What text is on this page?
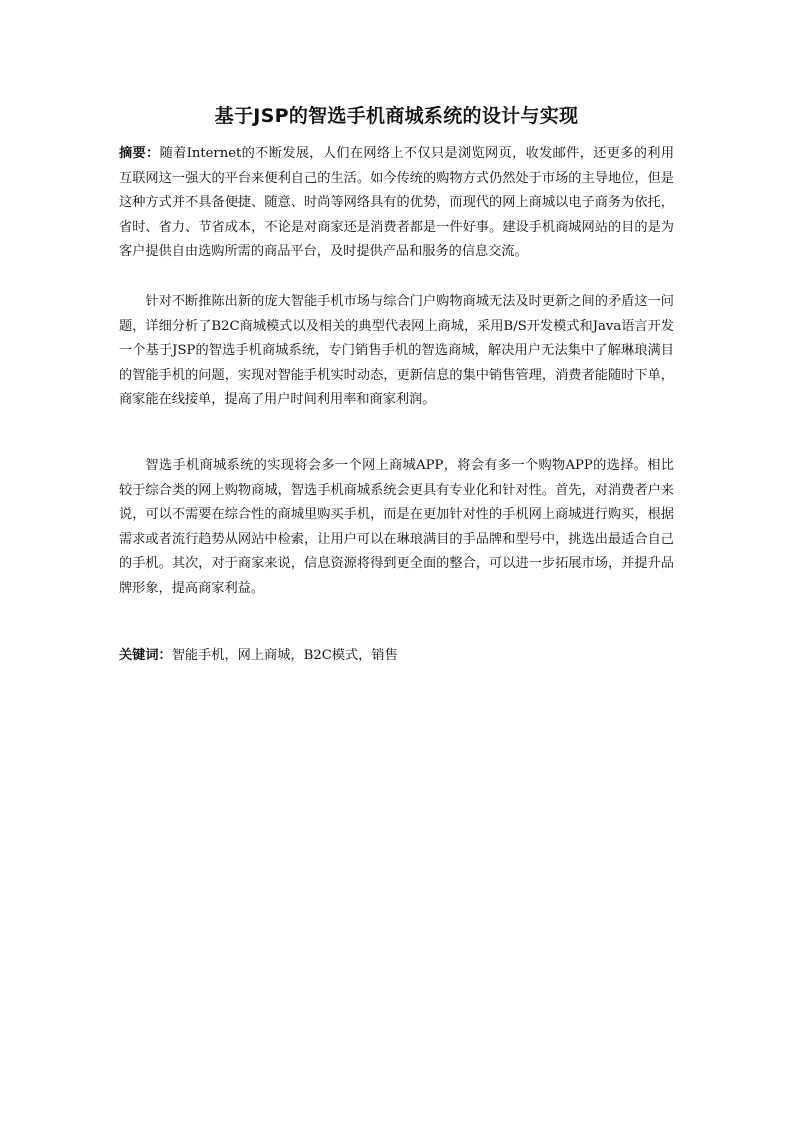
基于JSP的智选手机商城系统的设计与实现

摘要：随着Internet的不断发展，人们在网络上不仅只是浏览网页，收发邮件，还更多的利用互联网这一强大的平台来便利自己的生活。如今传统的购物方式仍然处于市场的主导地位，但是这种方式并不具备便捷、随意、时尚等网络具有的优势，而现代的网上商城以电子商务为依托，省时、省力、节省成本，不论是对商家还是消费者都是一件好事。建设手机商城网站的目的是为客户提供自由选购所需的商品平台，及时提供产品和服务的信息交流。

针对不断推陈出新的庞大智能手机市场与综合门户购物商城无法及时更新之间的矛盾这一问题，详细分析了B2C商城模式以及相关的典型代表网上商城，采用B/S开发模式和Java语言开发一个基于JSP的智选手机商城系统，专门销售手机的智选商城，解决用户无法集中了解琳琅满目的智能手机的问题，实现对智能手机实时动态，更新信息的集中销售管理，消费者能随时下单，商家能在线接单，提高了用户时间利用率和商家利润。

智选手机商城系统的实现将会多一个网上商城APP，将会有多一个购物APP的选择。相比较于综合类的网上购物商城，智选手机商城系统会更具有专业化和针对性。首先，对消费者户来说，可以不需要在综合性的商城里购买手机，而是在更加针对性的手机网上商城进行购买，根据需求或者流行趋势从网站中检索，让用户可以在琳琅满目的手品牌和型号中，挑选出最适合自己的手机。其次，对于商家来说，信息资源将得到更全面的整合，可以进一步拓展市场，并提升品牌形象，提高商家利益。

关键词：智能手机，网上商城，B2C模式，销售
